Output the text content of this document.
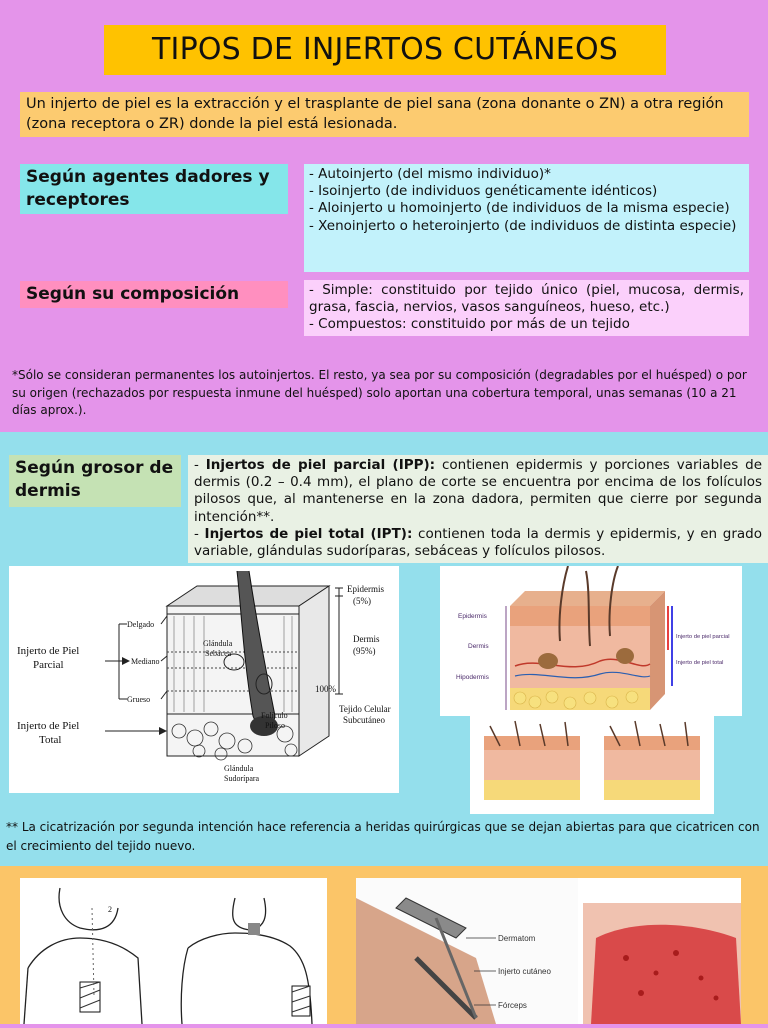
TIPOS DE INJERTOS CUTÁNEOS
Un injerto de piel es la extracción y el trasplante de piel sana (zona donante o ZN) a otra región (zona receptora o ZR) donde la piel está lesionada.
Según agentes dadores y receptores
- Autoinjerto (del mismo individuo)*
- Isoinjerto (de individuos genéticamente idénticos)
- Aloinjerto u homoinjerto (de individuos de la misma especie)
- Xenoinjerto o heteroinjerto (de individuos de distinta especie)
Según su composición	- Simple: constituido por tejido único (piel, mucosa, dermis, grasa, fascia, nervios, vasos sanguíneos, hueso, etc.)
- Compuestos: constituido por más de un tejido
*Sólo se consideran permanentes los autoinjertos. El resto, ya sea por su composición (degradables por el huésped) o por su origen (rechazados por respuesta inmune del huésped) solo aportan una cobertura temporal, unas semanas (10 a 21 días aprox.).
Según grosor de dermis
- Injertos de piel parcial (IPP): contienen epidermis y porciones variables de dermis (0.2 – 0.4 mm), el plano de corte se encuentra por encima de los folículos pilosos que, al mantenerse en la zona dadora, permiten que cierre por segunda intención**.
- Injertos de piel total (IPT): contienen toda la dermis y epidermis, y en grado variable, glándulas sudoríparas, sebáceas y folículos pilosos.
Injerto de Piel
Parcial
Injerto de Piel
Total
Delgado
Mediano
Grueso
Epidermis
(5%)
Dermis
(95%)
100%
Glándula
Sebácea
Folículo
Piloso
Tejido Celular
Subcutáneo
Glándula
Sudorípara
Epidermis
Dermis
Hipodermis
Injerto de piel parcial
Injerto de piel total
** La cicatrización por segunda intención hace referencia a heridas quirúrgicas que se dejan abiertas para que cicatricen con el crecimiento del tejido nuevo.
2
Dermatom
Injerto cutáneo
Fórceps
